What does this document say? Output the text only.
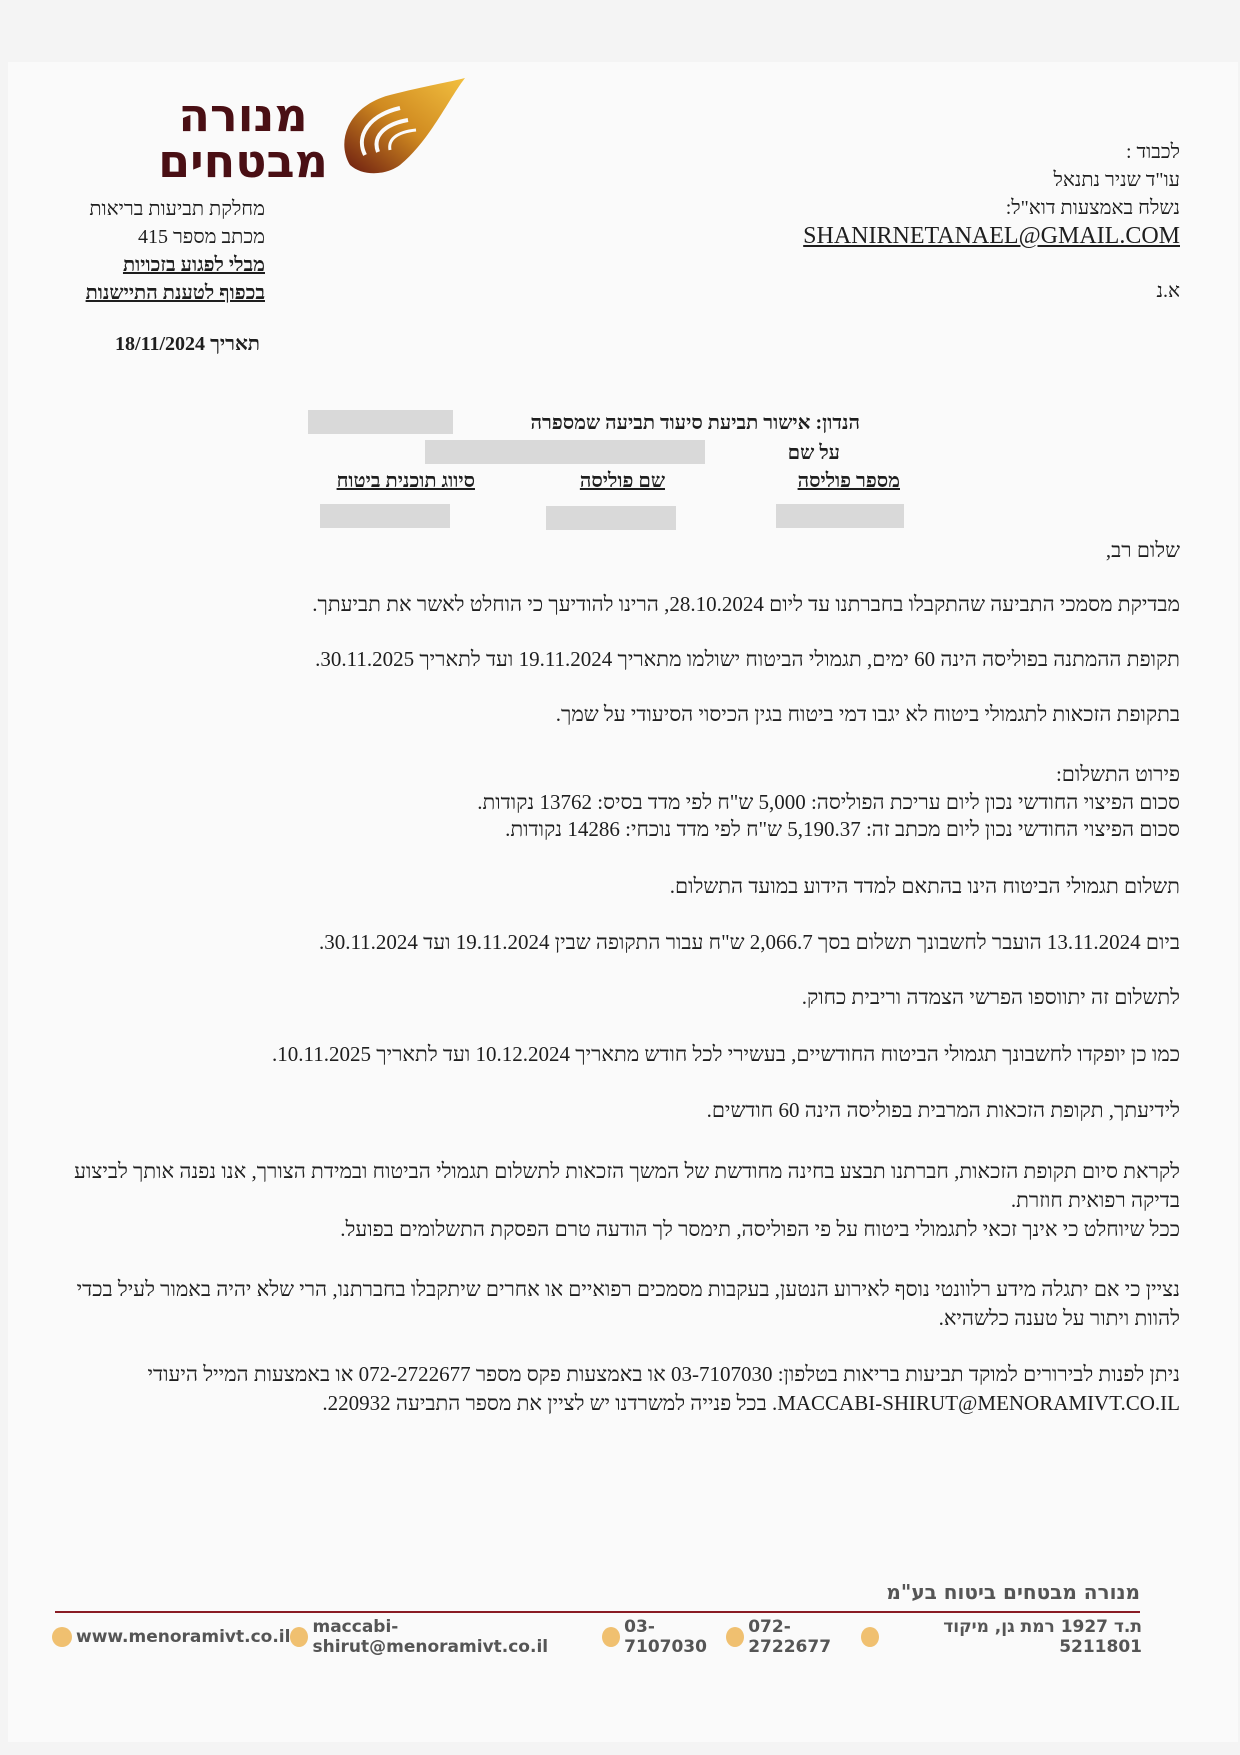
מנורה
מבטחים
מחלקת תביעות בריאות
מכתב מספר 415
מבלי לפגוע בזכויות
בכפוף לטענת התיישנות
תאריך 18/11/2024
לכבוד :
עו"ד שניר נתנאל
נשלח באמצעות דוא"ל:
SHANIRNETANAEL@GMAIL.COM
א.נ
הנדון: אישור תביעת סיעוד תביעה שמספרה
על שם
מספר פוליסה
שם פוליסה
סיווג תוכנית ביטוח
שלום רב,
מבדיקת מסמכי התביעה שהתקבלו בחברתנו עד ליום 28.10.2024, הרינו להודיעך כי הוחלט לאשר את תביעתך.
תקופת ההמתנה בפוליסה הינה 60 ימים, תגמולי הביטוח ישולמו מתאריך 19.11.2024 ועד לתאריך 30.11.2025.
בתקופת הזכאות לתגמולי ביטוח לא יגבו דמי ביטוח בגין הכיסוי הסיעודי על שמך.
פירוט התשלום:
סכום הפיצוי החודשי נכון ליום עריכת הפוליסה: 5,000 ש"ח לפי מדד בסיס: 13762 נקודות.
סכום הפיצוי החודשי נכון ליום מכתב זה: 5,190.37 ש"ח לפי מדד נוכחי: 14286 נקודות.
תשלום תגמולי הביטוח הינו בהתאם למדד הידוע במועד התשלום.
ביום 13.11.2024 הועבר לחשבונך תשלום בסך 2,066.7 ש"ח עבור התקופה שבין 19.11.2024 ועד 30.11.2024.
לתשלום זה יתווספו הפרשי הצמדה וריבית כחוק.
כמו כן יופקדו לחשבונך תגמולי הביטוח החודשיים, בעשירי לכל חודש מתאריך 10.12.2024 ועד לתאריך 10.11.2025.
לידיעתך, תקופת הזכאות המרבית בפוליסה הינה 60 חודשים.
לקראת סיום תקופת הזכאות, חברתנו תבצע בחינה מחודשת של המשך הזכאות לתשלום תגמולי הביטוח ובמידת הצורך, אנו נפנה אותך לביצוע בדיקה רפואית חוזרת.
ככל שיוחלט כי אינך זכאי לתגמולי ביטוח על פי הפוליסה, תימסר לך הודעה טרם הפסקת התשלומים בפועל.
נציין כי אם יתגלה מידע רלוונטי נוסף לאירוע הנטען, בעקבות מסמכים רפואיים או אחרים שיתקבלו בחברתנו, הרי שלא יהיה באמור לעיל בכדי להוות ויתור על טענה כלשהיא.
ניתן לפנות לבירורים למוקד תביעות בריאות בטלפון: 03-7107030 או באמצעות פקס מספר 072-2722677 או באמצעות המייל היעודי MACCABI-SHIRUT@MENORAMIVT.CO.IL. בכל פנייה למשרדנו יש לציין את מספר התביעה 220932.
מנורה מבטחים ביטוח בע"מ
ת.ד 1927 רמת גן, מיקוד 5211801
072-2722677
03-7107030
maccabi-shirut@menoramivt.co.il
www.menoramivt.co.il
